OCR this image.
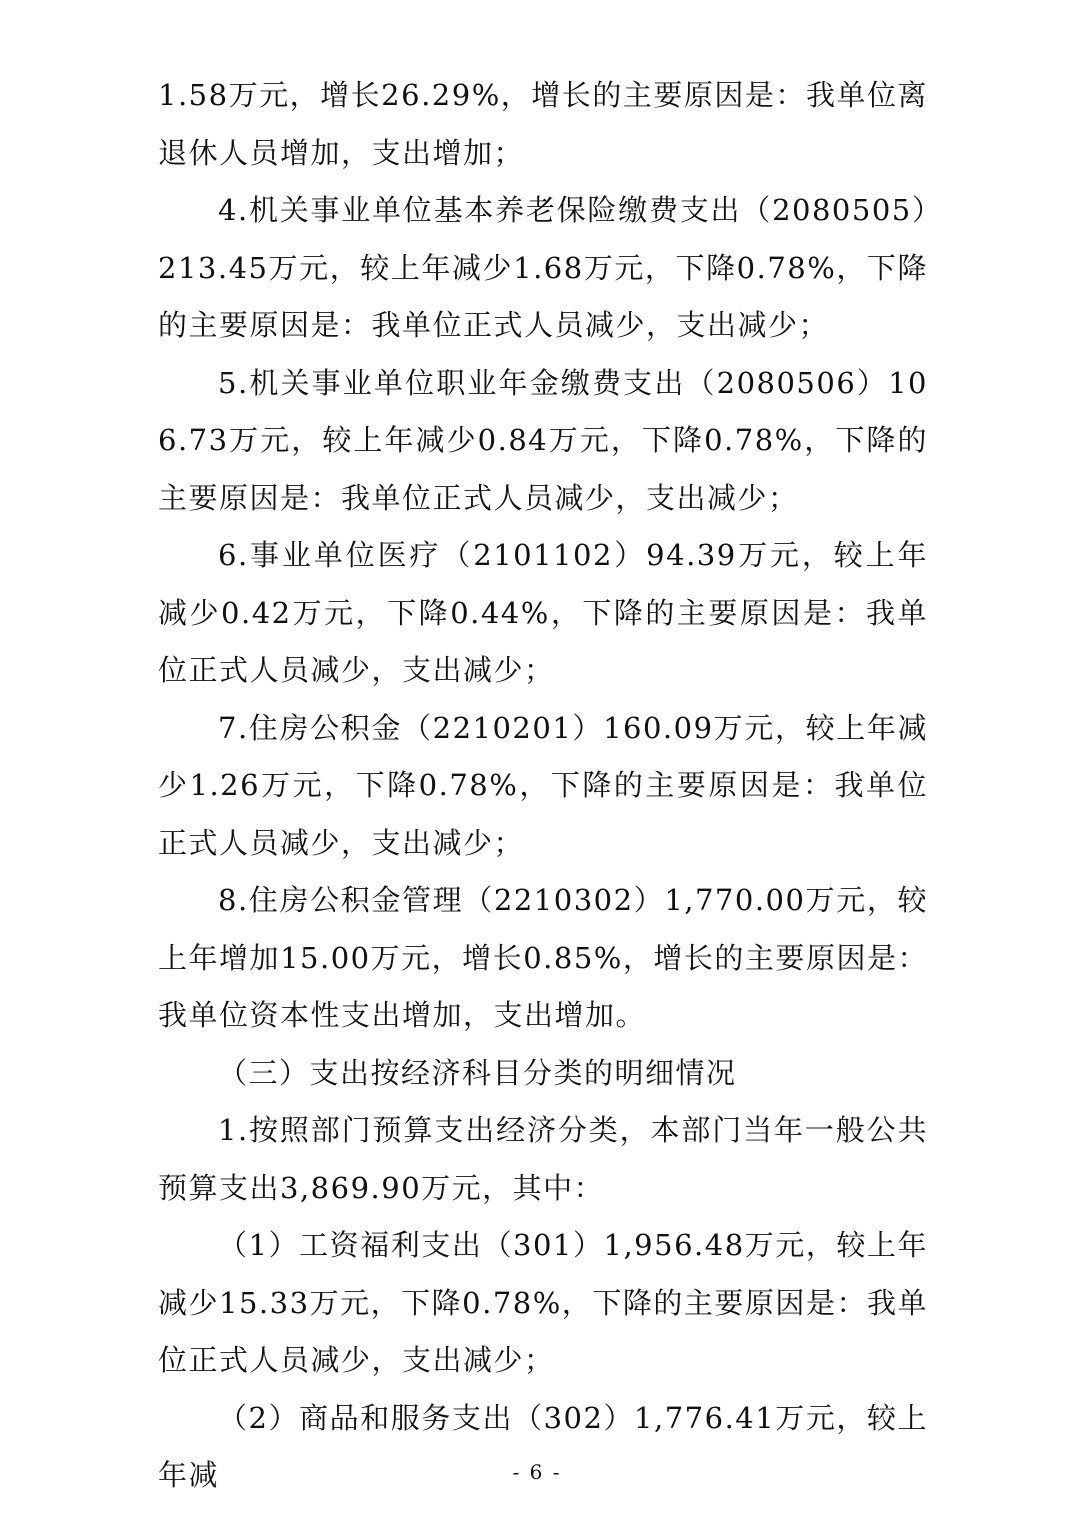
1.58万元，增长26.29%，增长的主要原因是：我单位离退休人员增加，支出增加；

4.机关事业单位基本养老保险缴费支出（2080505）213.45万元，较上年减少1.68万元，下降0.78%，下降的主要原因是：我单位正式人员减少，支出减少；

5.机关事业单位职业年金缴费支出（2080506）106.73万元，较上年减少0.84万元，下降0.78%，下降的主要原因是：我单位正式人员减少，支出减少；

6.事业单位医疗（2101102）94.39万元，较上年减少0.42万元，下降0.44%，下降的主要原因是：我单位正式人员减少，支出减少；

7.住房公积金（2210201）160.09万元，较上年减少1.26万元，下降0.78%，下降的主要原因是：我单位正式人员减少，支出减少；

8.住房公积金管理（2210302）1,770.00万元，较上年增加15.00万元，增长0.85%，增长的主要原因是：我单位资本性支出增加，支出增加。

（三）支出按经济科目分类的明细情况

1.按照部门预算支出经济分类，本部门当年一般公共预算支出3,869.90万元，其中：

（1）工资福利支出（301）1,956.48万元，较上年减少15.33万元，下降0.78%，下降的主要原因是：我单位正式人员减少，支出减少；

（2）商品和服务支出（302）1,776.41万元，较上年减	- 6 -
